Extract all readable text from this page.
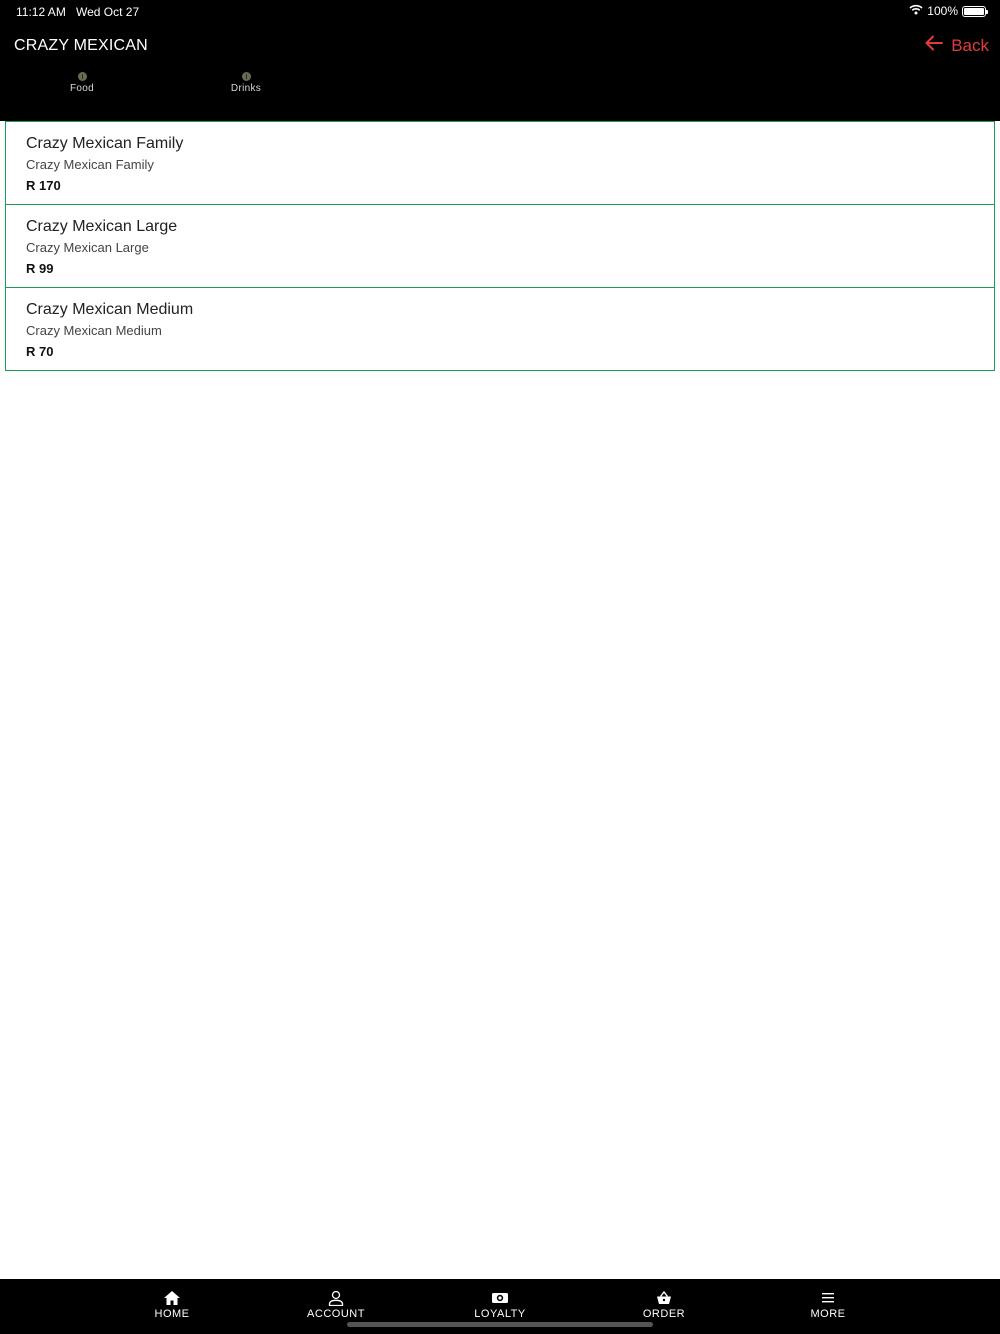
11:12 AM Wed Oct 27	100%
CRAZY MEXICAN	Back
Food	Drinks
Crazy Mexican Family
Crazy Mexican Family
R 170
Crazy Mexican Large
Crazy Mexican Large
R 99
Crazy Mexican Medium
Crazy Mexican Medium
R 70
HOME	ACCOUNT	LOYALTY	ORDER	MORE
